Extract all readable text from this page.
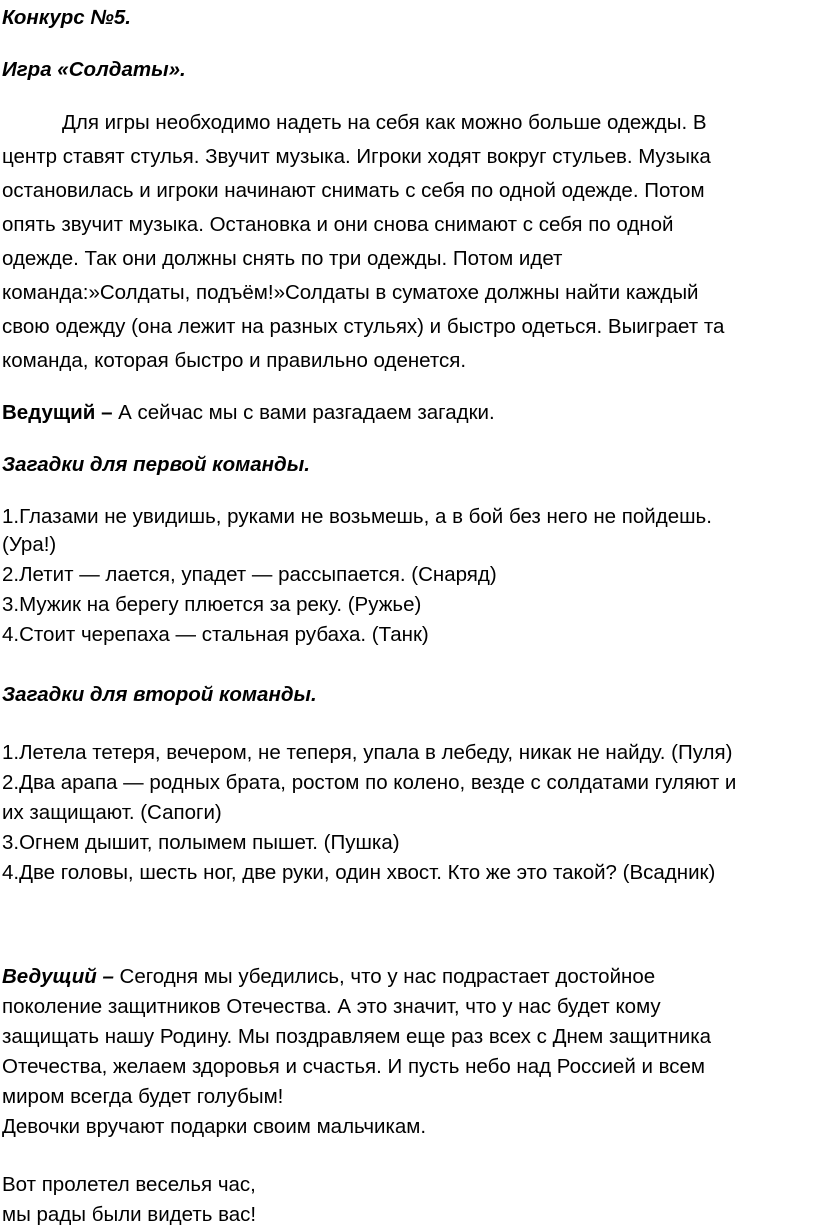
Конкурс №5.
Игра «Солдаты».
Для игры необходимо надеть на себя как можно больше одежды. В
центр ставят стулья. Звучит музыка. Игроки ходят вокруг стульев. Музыка
остановилась и игроки начинают снимать с себя по одной одежде. Потом
опять звучит музыка. Остановка и они снова снимают с себя по одной
одежде. Так они должны снять по три одежды. Потом идет
команда:»Солдаты, подъём!»Солдаты в суматохе должны найти каждый
свою одежду (она лежит на разных стульях) и быстро одеться. Выиграет та
команда, которая быстро и правильно оденется.
Ведущий – А сейчас мы с вами разгадаем загадки.
Загадки для первой команды.
1.Глазами не увидишь, руками не возьмешь, а в бой без него не пойдешь.
(Ура!)
2.Летит — лается, упадет — рассыпается. (Снаряд)
3.Мужик на берегу плюется за реку. (Ружье)
4.Стоит черепаха — стальная рубаха. (Танк)
Загадки для второй команды.
1.Летела тетеря, вечером, не теперя, упала в лебеду, никак не найду. (Пуля)
2.Два арапа — родных брата, ростом по колено, везде с солдатами гуляют и
их защищают. (Сапоги)
3.Огнем дышит, полымем пышет. (Пушка)
4.Две головы, шесть ног, две руки, один хвост. Кто же это такой? (Всадник)
Ведущий – Сегодня мы убедились, что у нас подрастает достойное
поколение защитников Отечества. А это значит, что у нас будет кому
защищать нашу Родину. Мы поздравляем еще раз всех с Днем защитника
Отечества, желаем здоровья и счастья. И пусть небо над Россией и всем
миром всегда будет голубым!
Девочки вручают подарки своим мальчикам.
Вот пролетел веселья час,
мы рады были видеть вас!
